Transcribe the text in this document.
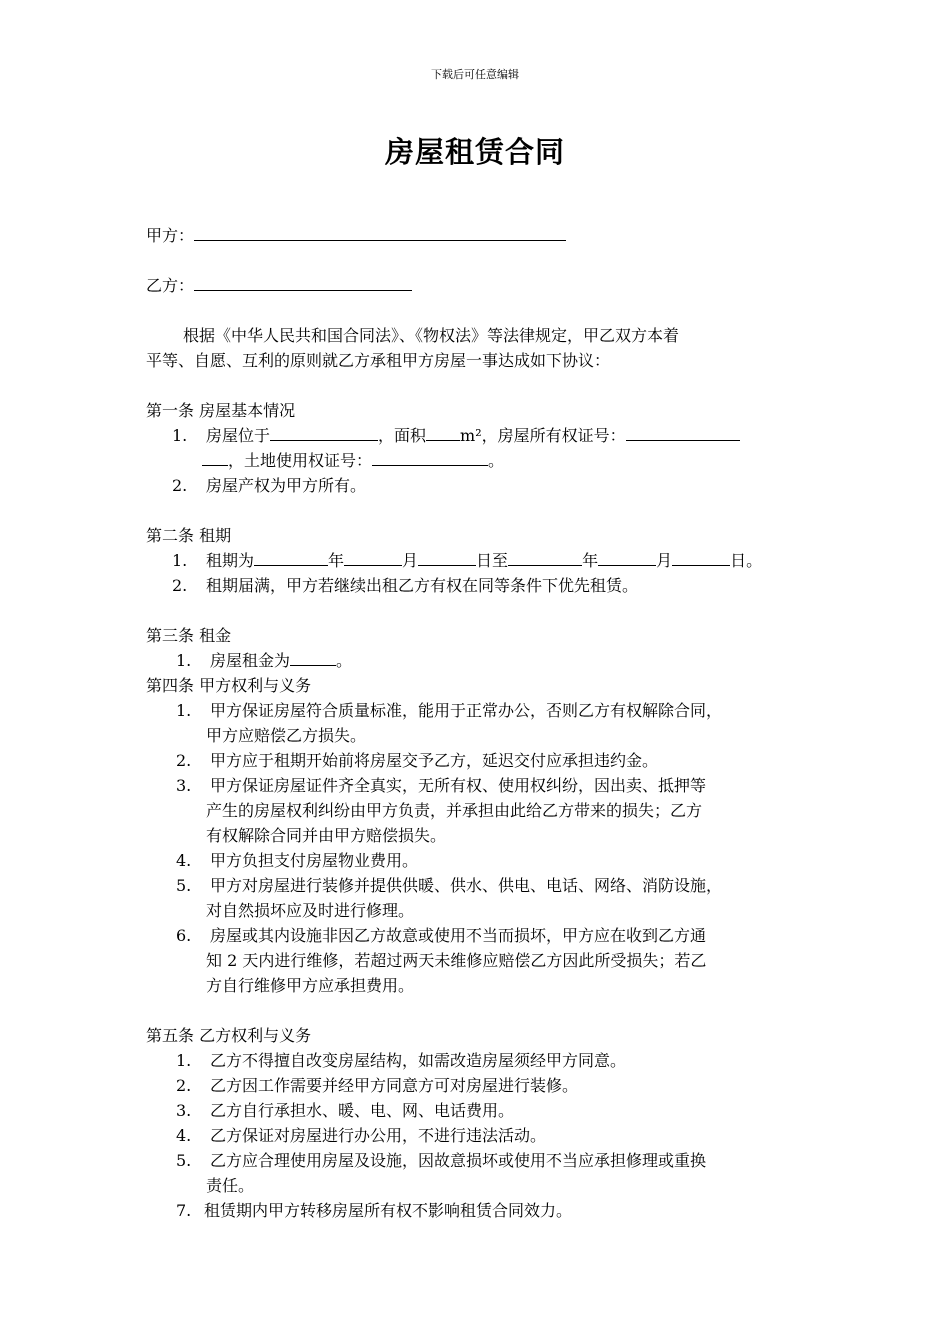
下载后可任意编辑
房屋租赁合同
甲方：
乙方：
根据《中华人民共和国合同法》、《物权法》等法律规定，甲乙双方本着
平等、自愿、互利的原则就乙方承租甲方房屋一事达成如下协议：
第一条 房屋基本情况
1. 房屋位于	，面积 m²，房屋所有权证号：
，土地使用权证号：	。
2. 房屋产权为甲方所有。
第二条 租期
1. 租期为	年	月	日至	年	月	日。
2. 租期届满，甲方若继续出租乙方有权在同等条件下优先租赁。
第三条 租金
1. 房屋租金为	。
第四条 甲方权利与义务
1. 甲方保证房屋符合质量标准，能用于正常办公，否则乙方有权解除合同，
甲方应赔偿乙方损失。
2. 甲方应于租期开始前将房屋交予乙方，延迟交付应承担违约金。
3. 甲方保证房屋证件齐全真实，无所有权、使用权纠纷，因出卖、抵押等
产生的房屋权利纠纷由甲方负责，并承担由此给乙方带来的损失；乙方
有权解除合同并由甲方赔偿损失。
4. 甲方负担支付房屋物业费用。
5. 甲方对房屋进行装修并提供供暖、供水、供电、电话、网络、消防设施，
对自然损坏应及时进行修理。
6. 房屋或其内设施非因乙方故意或使用不当而损坏，甲方应在收到乙方通
知 2 天内进行维修，若超过两天未维修应赔偿乙方因此所受损失；若乙
方自行维修甲方应承担费用。
第五条 乙方权利与义务
1. 乙方不得擅自改变房屋结构，如需改造房屋须经甲方同意。
2. 乙方因工作需要并经甲方同意方可对房屋进行装修。
3. 乙方自行承担水、暖、电、网、电话费用。
4. 乙方保证对房屋进行办公用，不进行违法活动。
5. 乙方应合理使用房屋及设施，因故意损坏或使用不当应承担修理或重换
责任。
7. 租赁期内甲方转移房屋所有权不影响租赁合同效力。
